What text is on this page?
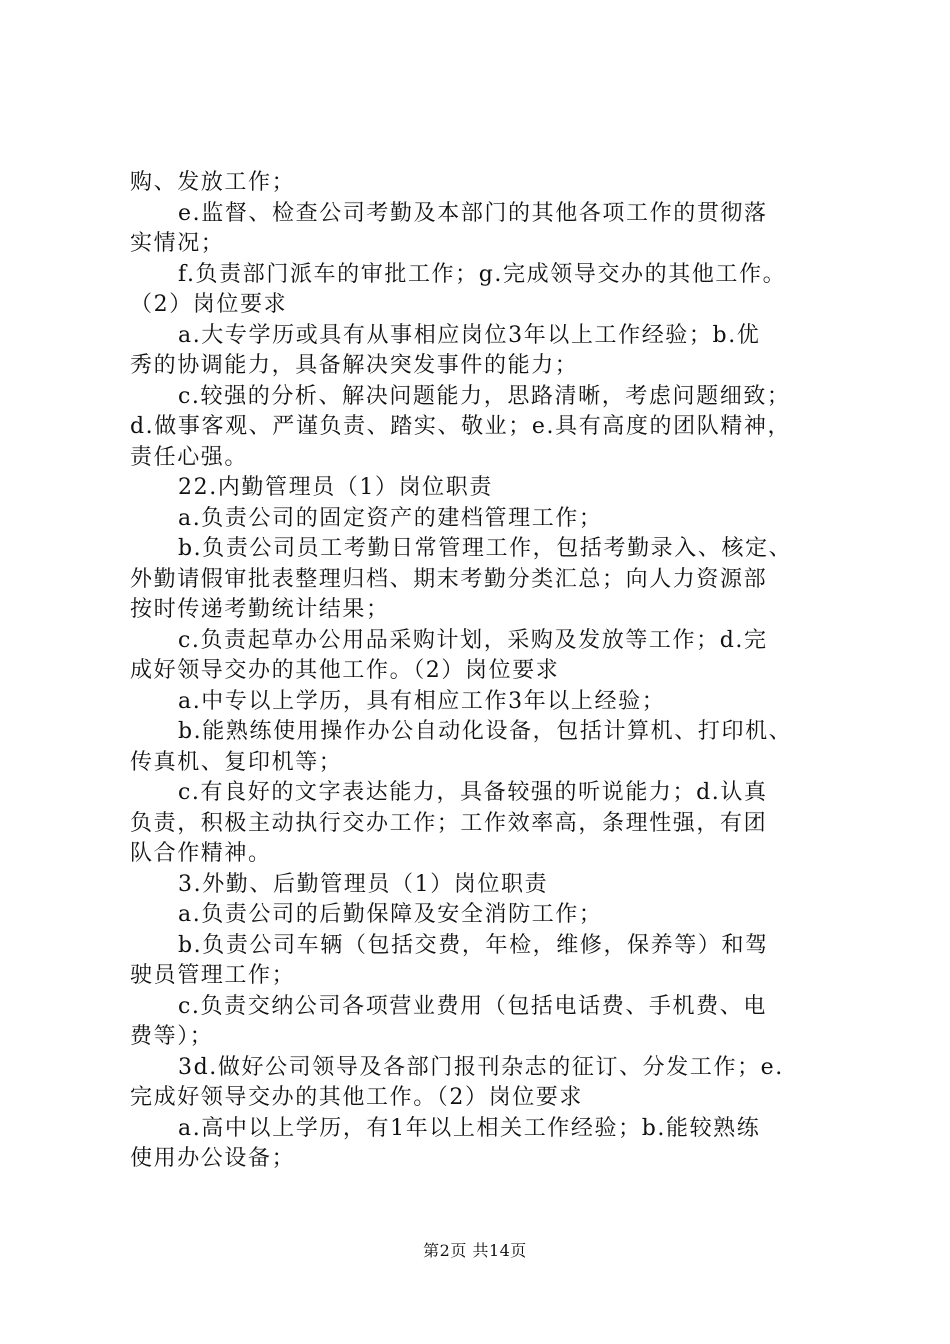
购、发放工作；
e.监督、检查公司考勤及本部门的其他各项工作的贯彻落
实情况；
f.负责部门派车的审批工作；g.完成领导交办的其他工作。
（2）岗位要求
a.大专学历或具有从事相应岗位3年以上工作经验；b.优
秀的协调能力，具备解决突发事件的能力；
c.较强的分析、解决问题能力，思路清晰，考虑问题细致；
d.做事客观、严谨负责、踏实、敬业；e.具有高度的团队精神，
责任心强。
22.内勤管理员（1）岗位职责
a.负责公司的固定资产的建档管理工作；
b.负责公司员工考勤日常管理工作，包括考勤录入、核定、
外勤请假审批表整理归档、期末考勤分类汇总；向人力资源部
按时传递考勤统计结果；
c.负责起草办公用品采购计划，采购及发放等工作；d.完
成好领导交办的其他工作。（2）岗位要求
a.中专以上学历，具有相应工作3年以上经验；
b.能熟练使用操作办公自动化设备，包括计算机、打印机、
传真机、复印机等；
c.有良好的文字表达能力，具备较强的听说能力；d.认真
负责，积极主动执行交办工作；工作效率高，条理性强，有团
队合作精神。
3.外勤、后勤管理员（1）岗位职责
a.负责公司的后勤保障及安全消防工作；
b.负责公司车辆（包括交费，年检，维修，保养等）和驾
驶员管理工作；
c.负责交纳公司各项营业费用（包括电话费、手机费、电
费等）；
3d.做好公司领导及各部门报刊杂志的征订、分发工作；e.
完成好领导交办的其他工作。（2）岗位要求
a.高中以上学历，有1年以上相关工作经验；b.能较熟练
使用办公设备；
第2页 共14页
